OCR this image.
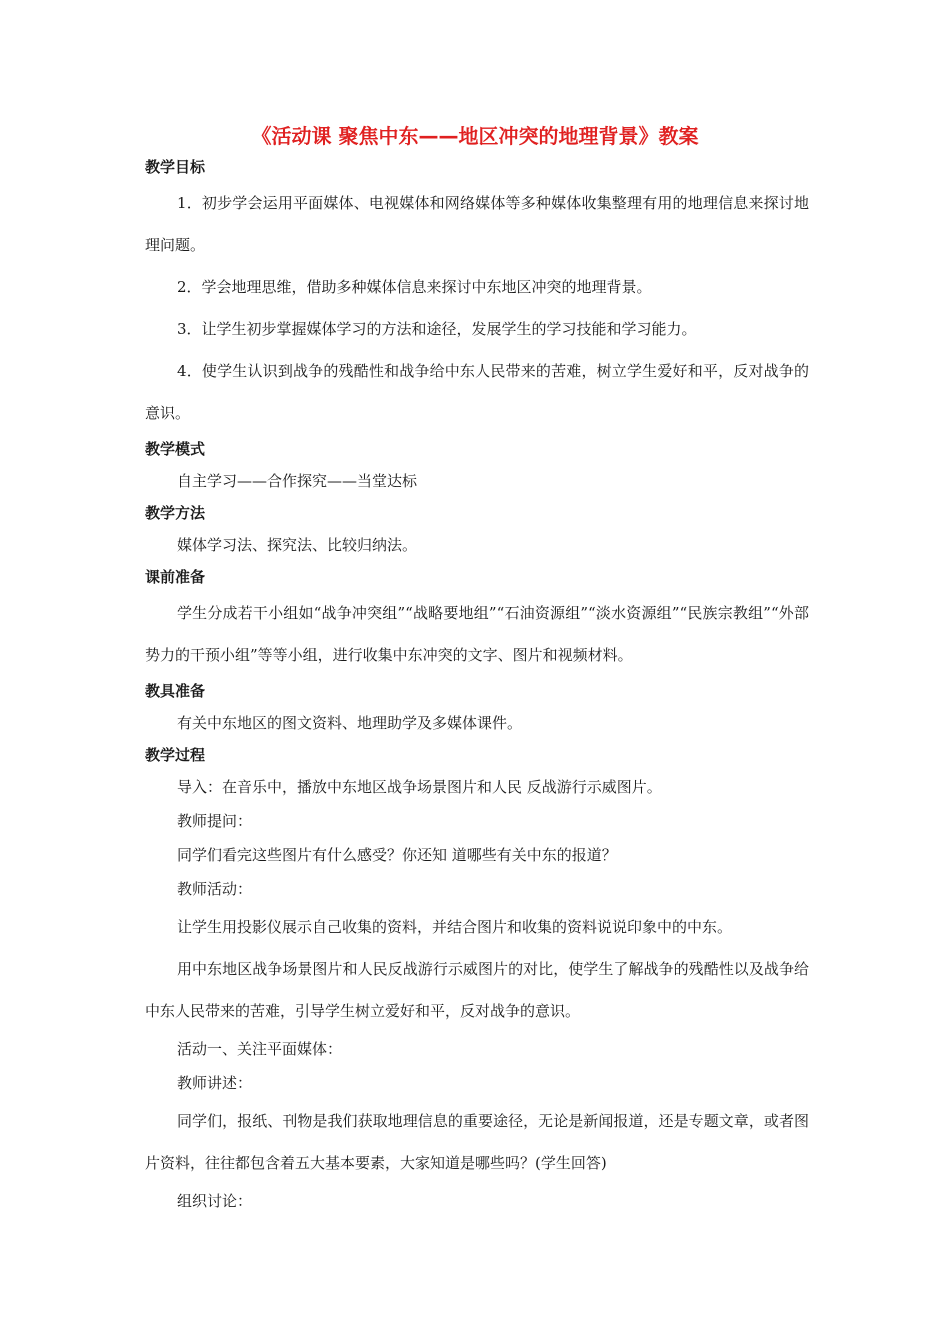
《活动课 聚焦中东——地区冲突的地理背景》教案
教学目标

1．初步学会运用平面媒体、电视媒体和网络媒体等多种媒体收集整理有用的地理信息来探讨地理问题。

2．学会地理思维，借助多种媒体信息来探讨中东地区冲突的地理背景。

3．让学生初步掌握媒体学习的方法和途径，发展学生的学习技能和学习能力。

4．使学生认识到战争的残酷性和战争给中东人民带来的苦难，树立学生爱好和平，反对战争的意识。

教学模式

自主学习——合作探究——当堂达标

教学方法

媒体学习法、探究法、比较归纳法。

课前准备

学生分成若干小组如“战争冲突组”“战略要地组”“石油资源组”“淡水资源组”“民族宗教组”“外部势力的干预小组”等等小组，进行收集中东冲突的文字、图片和视频材料。

教具准备

有关中东地区的图文资料、地理助学及多媒体课件。

教学过程

导入：在音乐中，播放中东地区战争场景图片和人民 反战游行示威图片。

教师提问：

同学们看完这些图片有什么感受？你还知 道哪些有关中东的报道？

教师活动：

让学生用投影仪展示自己收集的资料，并结合图片和收集的资料说说印象中的中东。

用中东地区战争场景图片和人民反战游行示威图片的对比，使学生了解战争的残酷性以及战争给中东人民带来的苦难，引导学生树立爱好和平，反对战争的意识。

活动一、关注平面媒体：

教师讲述：

同学们，报纸、刊物是我们获取地理信息的重要途径，无论是新闻报道，还是专题文章，或者图片资料，往往都包含着五大基本要素，大家知道是哪些吗？(学生回答)

组织讨论：
